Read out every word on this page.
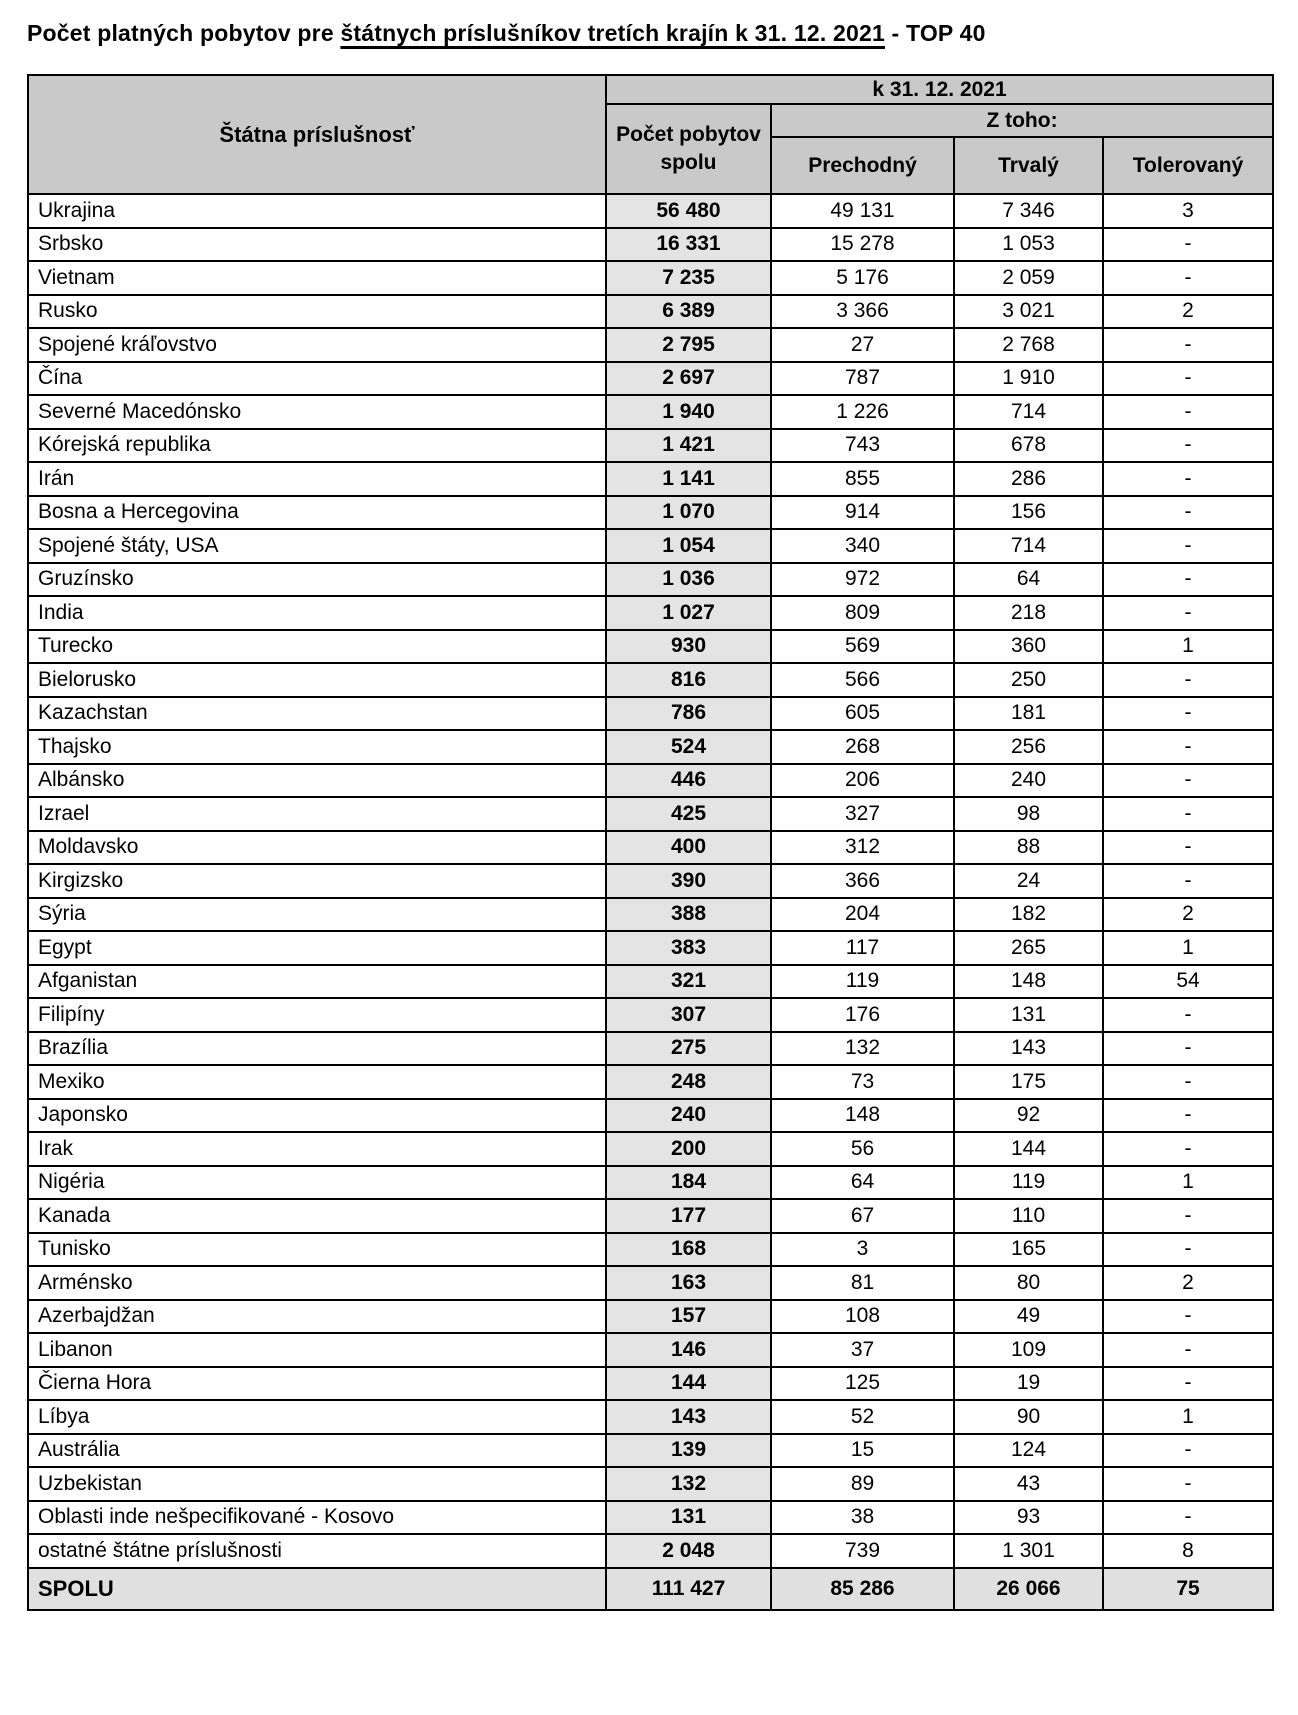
Počet platných pobytov pre štátnych príslušníkov tretích krajín k 31. 12. 2021 - TOP 40
Štátna príslušnosť	k 31. 12. 2021			
	Počet pobytov spolu	Z toho:		
		Prechodný	Trvalý	Tolerovaný
Ukrajina	56 480	49 131	7 346	3
Srbsko	16 331	15 278	1 053	-
Vietnam	7 235	5 176	2 059	-
Rusko	6 389	3 366	3 021	2
Spojené kráľovstvo	2 795	27	2 768	-
Čína	2 697	787	1 910	-
Severné Macedónsko	1 940	1 226	714	-
Kórejská republika	1 421	743	678	-
Irán	1 141	855	286	-
Bosna a Hercegovina	1 070	914	156	-
Spojené štáty, USA	1 054	340	714	-
Gruzínsko	1 036	972	64	-
India	1 027	809	218	-
Turecko	930	569	360	1
Bielorusko	816	566	250	-
Kazachstan	786	605	181	-
Thajsko	524	268	256	-
Albánsko	446	206	240	-
Izrael	425	327	98	-
Moldavsko	400	312	88	-
Kirgizsko	390	366	24	-
Sýria	388	204	182	2
Egypt	383	117	265	1
Afganistan	321	119	148	54
Filipíny	307	176	131	-
Brazília	275	132	143	-
Mexiko	248	73	175	-
Japonsko	240	148	92	-
Irak	200	56	144	-
Nigéria	184	64	119	1
Kanada	177	67	110	-
Tunisko	168	3	165	-
Arménsko	163	81	80	2
Azerbajdžan	157	108	49	-
Libanon	146	37	109	-
Čierna Hora	144	125	19	-
Líbya	143	52	90	1
Austrália	139	15	124	-
Uzbekistan	132	89	43	-
Oblasti inde nešpecifikované - Kosovo	131	38	93	-
ostatné štátne príslušnosti	2 048	739	1 301	8
SPOLU	111 427	85 286	26 066	75
